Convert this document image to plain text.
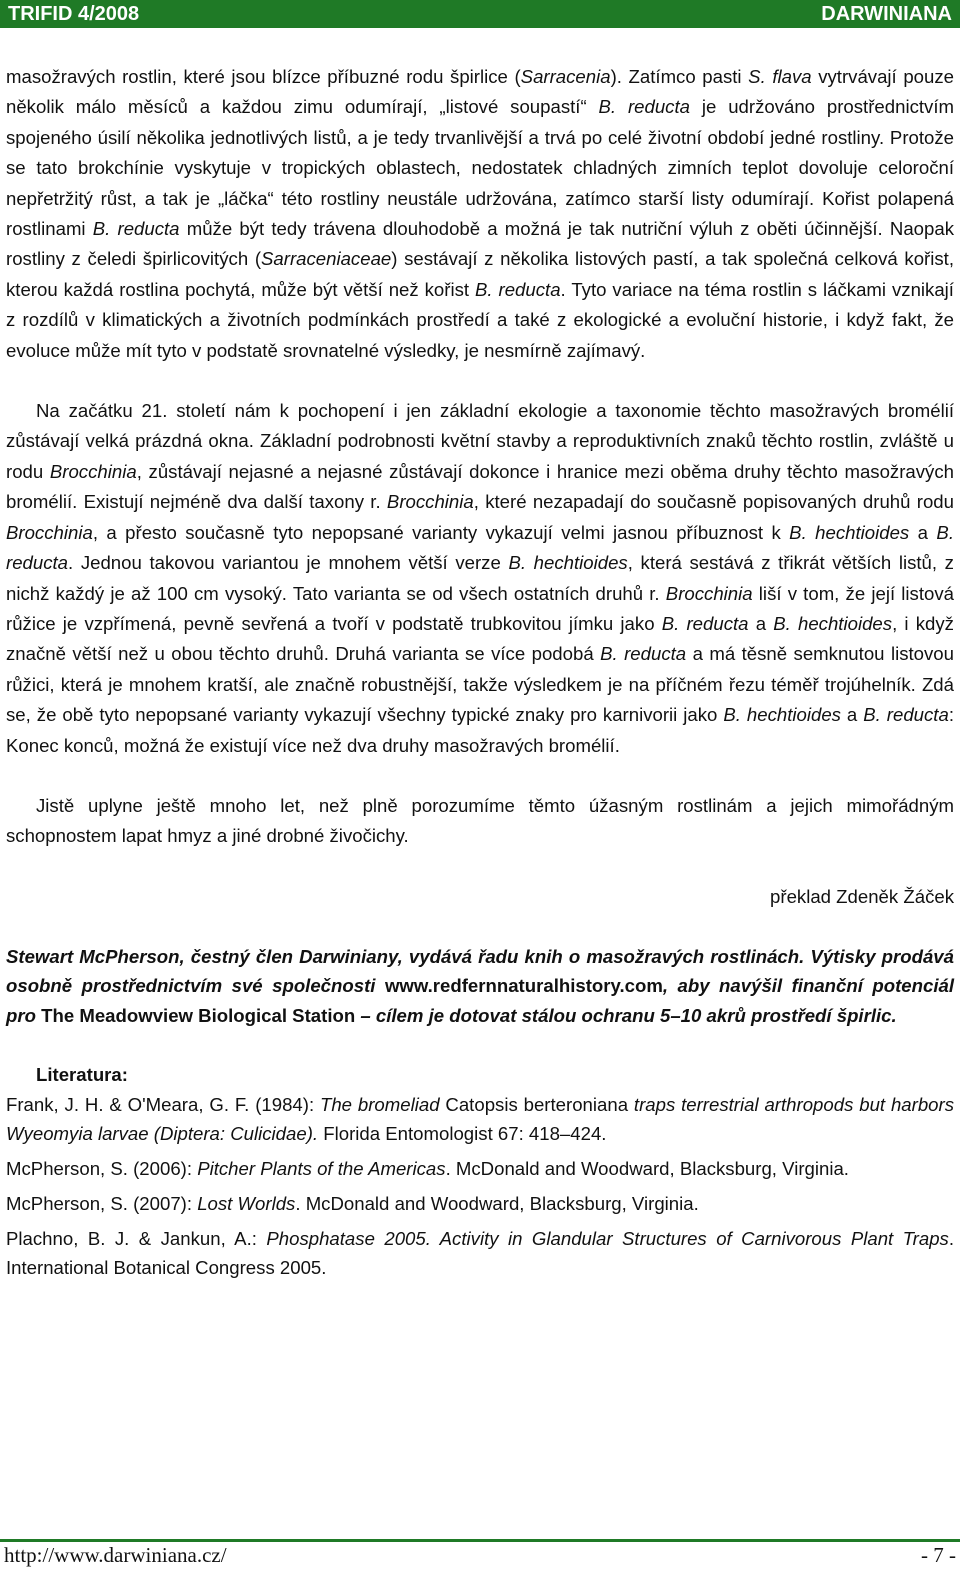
TRIFID 4/2008	DARWINIANA

masožravých rostlin, které jsou blízce příbuzné rodu špirlice (Sarracenia). Zatímco pasti S. flava vytrvávají pouze několik málo měsíců a každou zimu odumírají, „listové soupastí“ B. reducta je udržováno prostřednictvím spojeného úsilí několika jednotlivých listů, a je tedy trvanlivější a trvá po celé životní období jedné rostliny. Protože se tato brokchínie vyskytuje v tropických oblastech, nedostatek chladných zimních teplot dovoluje celoroční nepřetržitý růst, a tak je „láčka“ této rostliny neustále udržována, zatímco starší listy odumírají. Kořist polapená rostlinami B. reducta může být tedy trávena dlouhodobě a možná je tak nutriční výluh z oběti účinnější. Naopak rostliny z čeledi špirlicovitých (Sarraceniaceae) sestávají z několika listových pastí, a tak společná celková kořist, kterou každá rostlina pochytá, může být větší než kořist B. reducta. Tyto variace na téma rostlin s láčkami vznikají z rozdílů v klimatických a životních podmínkách prostředí a také z ekologické a evoluční historie, i když fakt, že evoluce může mít tyto v podstatě srovnatelné výsledky, je nesmírně zajímavý.

Na začátku 21. století nám k pochopení i jen základní ekologie a taxonomie těchto masožravých bromélií zůstávají velká prázdná okna. Základní podrobnosti květní stavby a reproduktivních znaků těchto rostlin, zvláště u rodu Brocchinia, zůstávají nejasné a nejasné zůstávají dokonce i hranice mezi oběma druhy těchto masožravých bromélií. Existují nejméně dva další taxony r. Brocchinia, které nezapadají do současně popisovaných druhů rodu Brocchinia, a přesto současně tyto nepopsané varianty vykazují velmi jasnou příbuznost k B. hechtioides a B. reducta. Jednou takovou variantou je mnohem větší verze B. hechtioides, která sestává z třikrát větších listů, z nichž každý je až 100 cm vysoký. Tato varianta se od všech ostatních druhů r. Brocchinia liší v tom, že její listová růžice je vzpřímená, pevně sevřená a tvoří v podstatě trubkovitou jímku jako B. reducta a B. hechtioides, i když značně větší než u obou těchto druhů. Druhá varianta se více podobá B. reducta a má těsně semknutou listovou růžici, která je mnohem kratší, ale značně robustnější, takže výsledkem je na příčném řezu téměř trojúhelník. Zdá se, že obě tyto nepopsané varianty vykazují všechny typické znaky pro karnivorii jako B. hechtioides a B. reducta: Konec konců, možná že existují více než dva druhy masožravých bromélií.

Jistě uplyne ještě mnoho let, než plně porozumíme těmto úžasným rostlinám a jejich mimořádným schopnostem lapat hmyz a jiné drobné živočichy.

překlad Zdeněk Žáček

Stewart McPherson, čestný člen Darwiniany, vydává řadu knih o masožravých rostlinách. Výtisky prodává osobně prostřednictvím své společnosti www.redfernnaturalhistory.com, aby navýšil finanční potenciál pro The Meadowview Biological Station – cílem je dotovat stálou ochranu 5–10 akrů prostředí špirlic.

Literatura:

Frank, J. H. & O'Meara, G. F. (1984): The bromeliad Catopsis berteroniana traps terrestrial arthropods but harbors Wyeomyia larvae (Diptera: Culicidae). Florida Entomologist 67: 418–424.

McPherson, S. (2006): Pitcher Plants of the Americas. McDonald and Woodward, Blacksburg, Virginia.

McPherson, S. (2007): Lost Worlds. McDonald and Woodward, Blacksburg, Virginia.

Plachno, B. J. & Jankun, A.: Phosphatase 2005. Activity in Glandular Structures of Carnivorous Plant Traps. International Botanical Congress 2005.

http://www.darwiniana.cz/	- 7 -
